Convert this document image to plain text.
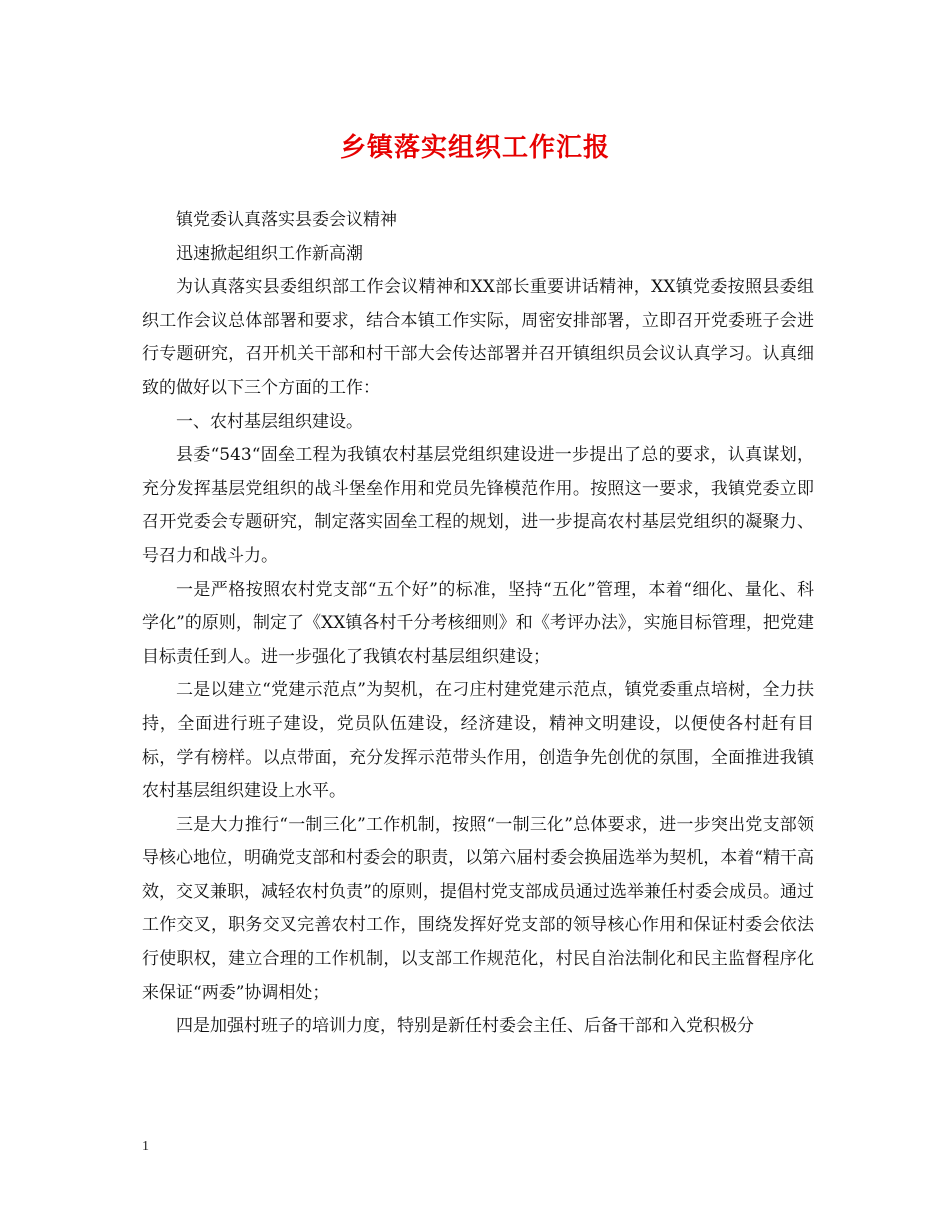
乡镇落实组织工作汇报

镇党委认真落实县委会议精神

迅速掀起组织工作新高潮

为认真落实县委组织部工作会议精神和XX部长重要讲话精神，XX镇党委按照县委组织工作会议总体部署和要求，结合本镇工作实际，周密安排部署，立即召开党委班子会进行专题研究，召开机关干部和村干部大会传达部署并召开镇组织员会议认真学习。认真细致的做好以下三个方面的工作：

一、农村基层组织建设。

县委“543“固垒工程为我镇农村基层党组织建设进一步提出了总的要求，认真谋划，充分发挥基层党组织的战斗堡垒作用和党员先锋模范作用。按照这一要求，我镇党委立即召开党委会专题研究，制定落实固垒工程的规划，进一步提高农村基层党组织的凝聚力、号召力和战斗力。

一是严格按照农村党支部“五个好”的标准，坚持“五化”管理，本着“细化、量化、科学化”的原则，制定了《XX镇各村千分考核细则》和《考评办法》，实施目标管理，把党建目标责任到人。进一步强化了我镇农村基层组织建设；

二是以建立“党建示范点”为契机，在刁庄村建党建示范点，镇党委重点培树，全力扶持，全面进行班子建设，党员队伍建设，经济建设，精神文明建设，以便使各村赶有目标，学有榜样。以点带面，充分发挥示范带头作用，创造争先创优的氛围，全面推进我镇农村基层组织建设上水平。

三是大力推行“一制三化”工作机制，按照“一制三化”总体要求，进一步突出党支部领导核心地位，明确党支部和村委会的职责，以第六届村委会换届选举为契机，本着“精干高效，交叉兼职，减轻农村负责”的原则，提倡村党支部成员通过选举兼任村委会成员。通过工作交叉，职务交叉完善农村工作，围绕发挥好党支部的领导核心作用和保证村委会依法行使职权，建立合理的工作机制，以支部工作规范化，村民自治法制化和民主监督程序化来保证“两委”协调相处；

四是加强村班子的培训力度，特别是新任村委会主任、后备干部和入党积极分

1
